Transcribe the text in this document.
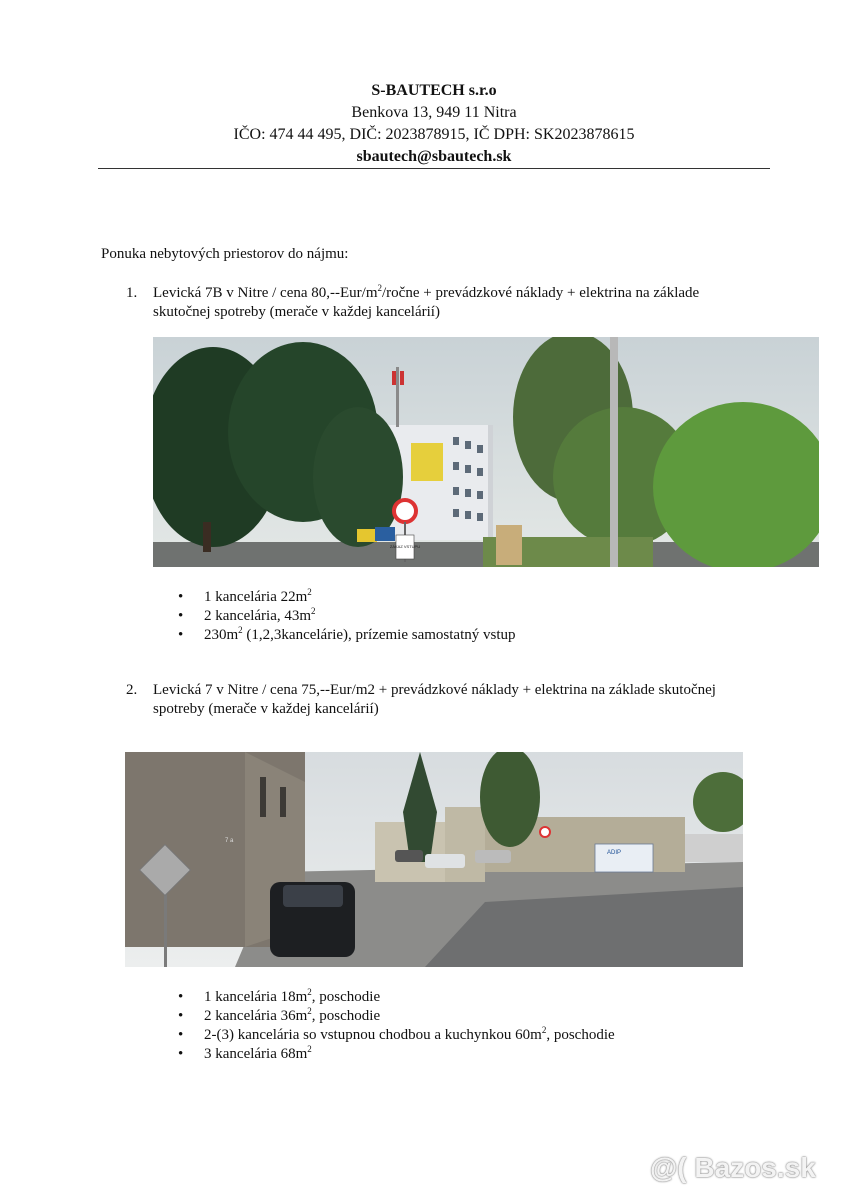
S-BAUTECH s.r.o
Benkova 13, 949 11 Nitra
IČO: 474 44 495, DIČ: 2023878915, IČ DPH: SK2023878615
sbautech@sbautech.sk
Ponuka nebytových priestorov do nájmu:
1. Levická 7B v Nitre / cena $80,--Eur/m^2$/ročne + prevádzkové náklady + elektrina na základe
skutočnej spotreby (merače v každej kancelárií)
ZÁKAZ VSTUPU
• 1 kancelária $22m^2$
• 2 kancelária, $43m^2$
• $230m^2$ (1,2,3kancelárie), prízemie samostatný vstup
2. Levická 7 v Nitre / cena 75,--Eur/m2 + prevádzkové náklady + elektrina na základe skutočnej
spotreby (merače v každej kancelárií)
7 a
ADIP
• 1 kancelária $18m^2$, poschodie
• 2 kancelária $36m^2$, poschodie
• 2-(3) kancelária so vstupnou chodbou a kuchynkou $60m^2$, poschodie
• 3 kancelária $68m^2$
@( Bazos.sk
